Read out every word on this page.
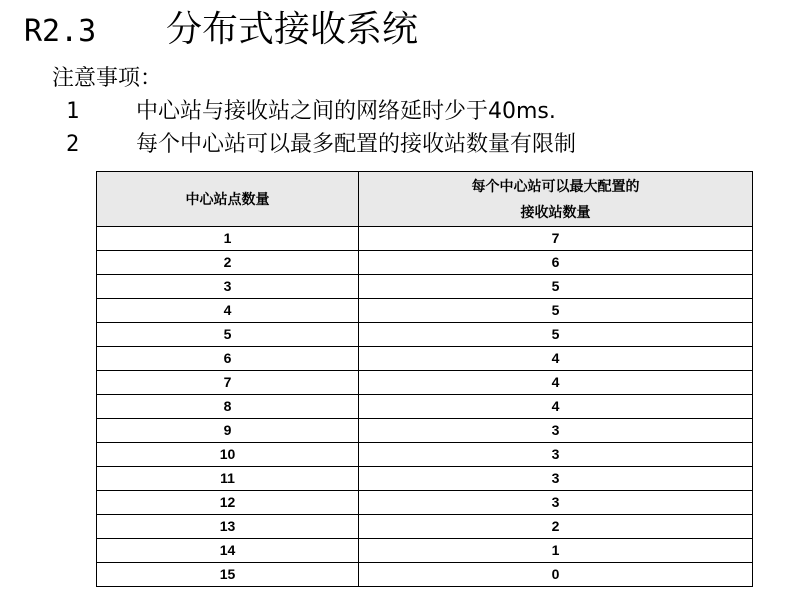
R2.3 分布式接收系统
注意事项：
1	中心站与接收站之间的网络延时少于40ms.
2	每个中心站可以最多配置的接收站数量有限制
中心站点数量	每个中心站可以最大配置的
接收站数量

1	7
2	6
3	5
4	5
5	5
6	4
7	4
8	4
9	3
10	3
11	3
12	3
13	2
14	1
15	0
